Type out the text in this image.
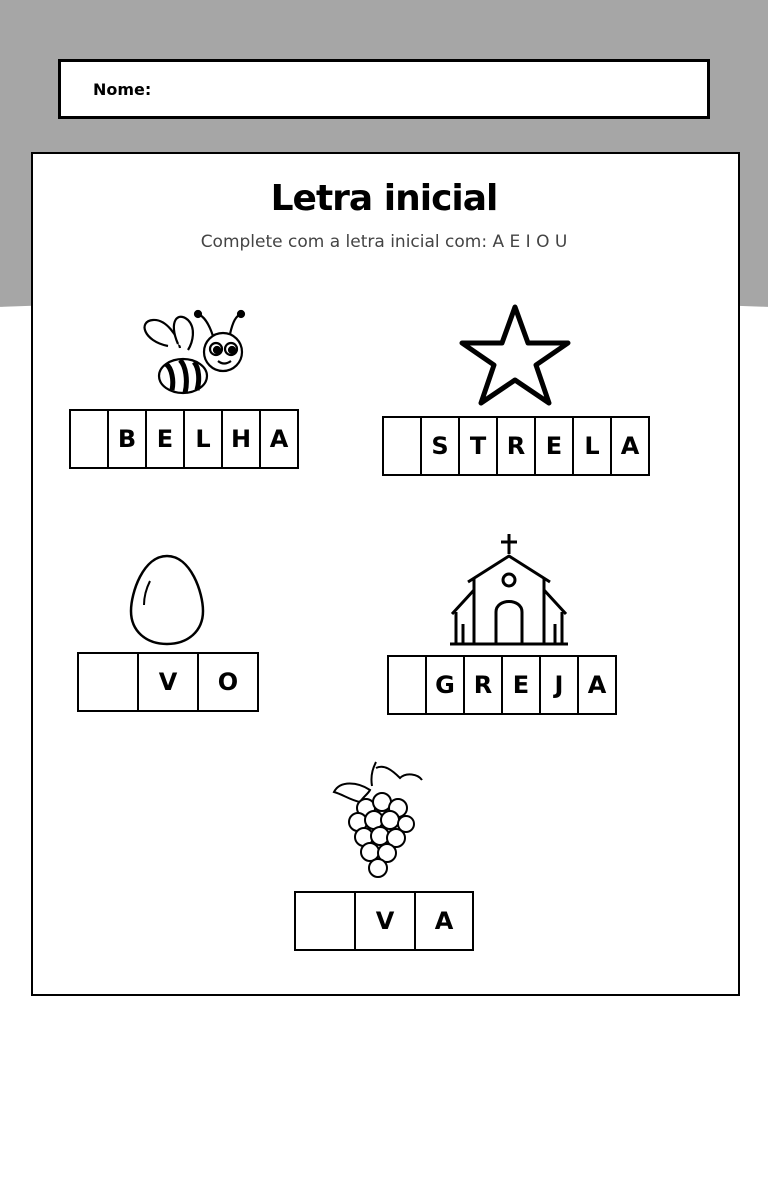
Nome:
Letra inicial
Complete com a letra inicial com: A E I O U
B E L H A	S T R E L A
V	O	G R E	J	A
V	A
